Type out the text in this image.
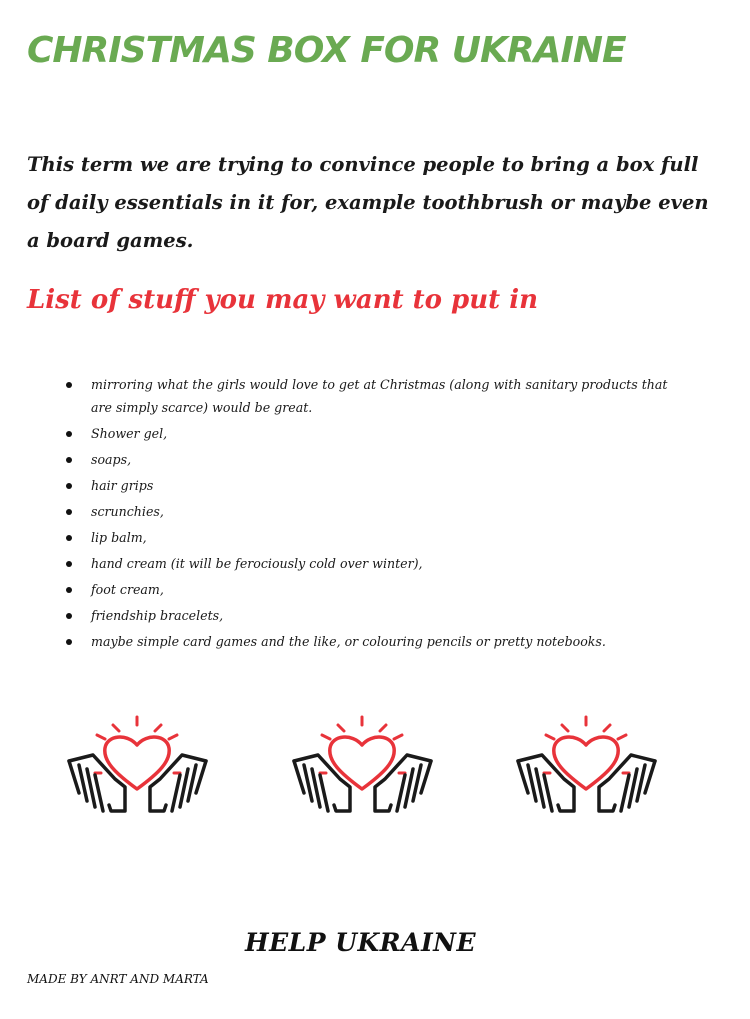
CHRISTMAS BOX FOR UKRAINE

This term we are trying to convince people to bring a box full of daily essentials in it for, example toothbrush or maybe even a board games.

List of stuff you may want to put in
mirroring what the girls would love to get at Christmas (along with sanitary products that are simply scarce) would be great.
Shower gel,
soaps,
hair grips
scrunchies,
lip balm,
hand cream (it will be ferociously cold over winter),
foot cream,
friendship bracelets,
maybe simple card games and the like, or colouring pencils or pretty notebooks.
HELP UKRAINE
MADE BY ANRT AND MARTA
